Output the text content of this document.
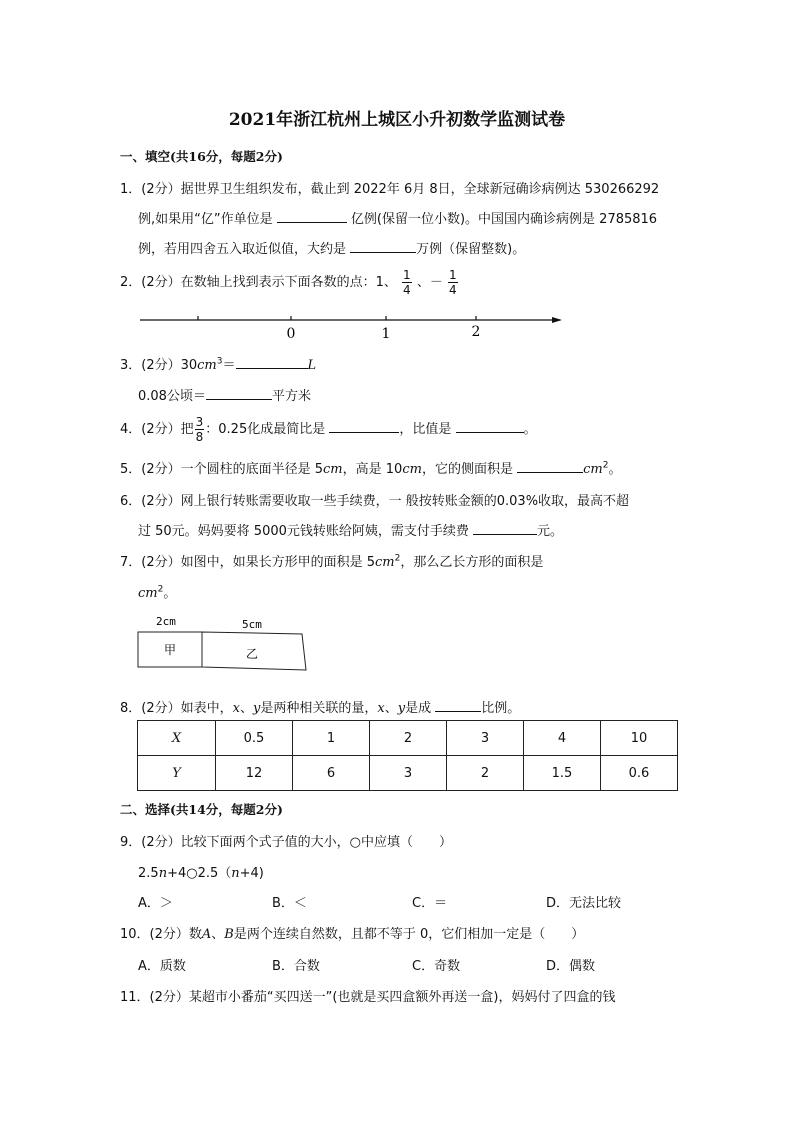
2021年浙江杭州上城区小升初数学监测试卷
一、填空(共16分，每题2分)
1．(2分）据世界卫生组织发布，截止到 2022年 6月 8日，全球新冠确诊病例达 530266292
例,如果用“亿”作单位是	亿例(保留一位小数)。中国国内确诊病例是 2785816
例，若用四舍五入取近似值，大约是	万例（保留整数)。
2．(2分）在数轴上找到表示下面各数的点：1、 $\frac{1}{4}$ 、－ $\frac{1}{4}$
0	1	2
3．(2分）$30cm^3=$	L
0.08公顷＝	平方米
4．(2分）把 $\frac{3}{8}$ ：0.25化成最简比是	，比值是	。
5．(2分）一个圆柱的底面半径是 5cm，高是 10cm，它的侧面积是	$cm^2$。
6．(2分）网上银行转账需要收取一些手续费，一 般按转账金额的0.03%收取，最高不超
过 50元。妈妈要将 5000元钱转账给阿姨，需支付手续费	元。
7．(2分）如图中，如果长方形甲的面积是 $5cm^2$，那么乙长方形的面积是
$cm^2$。
2cm	5cm
甲	乙
8．(2分）如表中，x、y是两种相关联的量，x、y是成	比例。
X	0.5	1	2	3	4	10
Y	12	6	3	2	1.5	0.6
二、选择(共14分，每题2分)
9．(2分）比较下面两个式子值的大小，○中应填（　　）
2.5n+4○2.5（n+4)
A．＞	B．＜	C．＝	D．无法比较
10．(2分）数A、B是两个连续自然数，且都不等于 0，它们相加一定是（　　）
A．质数	B．合数	C．奇数	D．偶数
11．(2分）某超市小番茄“买四送一”(也就是买四盒额外再送一盒)，妈妈付了四盒的钱
